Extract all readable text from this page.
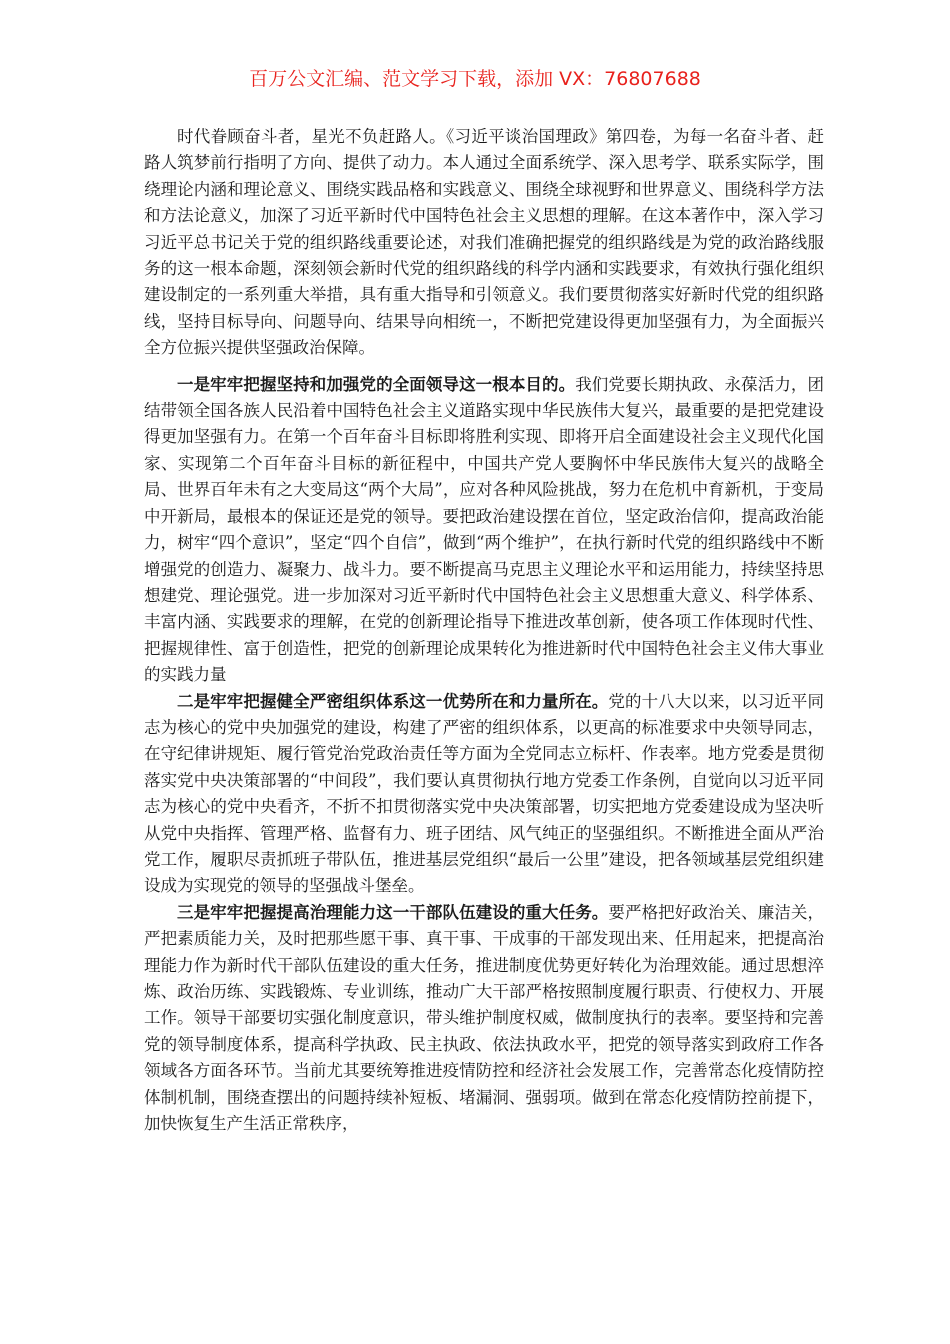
百万公文汇编、范文学习下载，添加 VX：76807688

时代眷顾奋斗者，星光不负赶路人。《习近平谈治国理政》第四卷，为每一名奋斗者、赶路人筑梦前行指明了方向、提供了动力。本人通过全面系统学、深入思考学、联系实际学，围绕理论内涵和理论意义、围绕实践品格和实践意义、围绕全球视野和世界意义、围绕科学方法和方法论意义，加深了习近平新时代中国特色社会主义思想的理解。在这本著作中，深入学习习近平总书记关于党的组织路线重要论述，对我们准确把握党的组织路线是为党的政治路线服务的这一根本命题，深刻领会新时代党的组织路线的科学内涵和实践要求，有效执行强化组织建设制定的一系列重大举措，具有重大指导和引领意义。我们要贯彻落实好新时代党的组织路线，坚持目标导向、问题导向、结果导向相统一，不断把党建设得更加坚强有力，为全面振兴全方位振兴提供坚强政治保障。

一是牢牢把握坚持和加强党的全面领导这一根本目的。我们党要长期执政、永葆活力，团结带领全国各族人民沿着中国特色社会主义道路实现中华民族伟大复兴，最重要的是把党建设得更加坚强有力。在第一个百年奋斗目标即将胜利实现、即将开启全面建设社会主义现代化国家、实现第二个百年奋斗目标的新征程中，中国共产党人要胸怀中华民族伟大复兴的战略全局、世界百年未有之大变局这“两个大局”，应对各种风险挑战，努力在危机中育新机，于变局中开新局，最根本的保证还是党的领导。要把政治建设摆在首位，坚定政治信仰，提高政治能力，树牢“四个意识”，坚定“四个自信”，做到“两个维护”，在执行新时代党的组织路线中不断增强党的创造力、凝聚力、战斗力。要不断提高马克思主义理论水平和运用能力，持续坚持思想建党、理论强党。进一步加深对习近平新时代中国特色社会主义思想重大意义、科学体系、丰富内涵、实践要求的理解，在党的创新理论指导下推进改革创新，使各项工作体现时代性、把握规律性、富于创造性，把党的创新理论成果转化为推进新时代中国特色社会主义伟大事业的实践力量

二是牢牢把握健全严密组织体系这一优势所在和力量所在。党的十八大以来，以习近平同志为核心的党中央加强党的建设，构建了严密的组织体系，以更高的标准要求中央领导同志，在守纪律讲规矩、履行管党治党政治责任等方面为全党同志立标杆、作表率。地方党委是贯彻落实党中央决策部署的“中间段”，我们要认真贯彻执行地方党委工作条例，自觉向以习近平同志为核心的党中央看齐，不折不扣贯彻落实党中央决策部署，切实把地方党委建设成为坚决听从党中央指挥、管理严格、监督有力、班子团结、风气纯正的坚强组织。不断推进全面从严治党工作，履职尽责抓班子带队伍，推进基层党组织“最后一公里”建设，把各领域基层党组织建设成为实现党的领导的坚强战斗堡垒。

三是牢牢把握提高治理能力这一干部队伍建设的重大任务。要严格把好政治关、廉洁关，严把素质能力关，及时把那些愿干事、真干事、干成事的干部发现出来、任用起来，把提高治理能力作为新时代干部队伍建设的重大任务，推进制度优势更好转化为治理效能。通过思想淬炼、政治历练、实践锻炼、专业训练，推动广大干部严格按照制度履行职责、行使权力、开展工作。领导干部要切实强化制度意识，带头维护制度权威，做制度执行的表率。要坚持和完善党的领导制度体系，提高科学执政、民主执政、依法执政水平，把党的领导落实到政府工作各领域各方面各环节。当前尤其要统筹推进疫情防控和经济社会发展工作，完善常态化疫情防控体制机制，围绕查摆出的问题持续补短板、堵漏洞、强弱项。做到在常态化疫情防控前提下，加快恢复生产生活正常秩序，
